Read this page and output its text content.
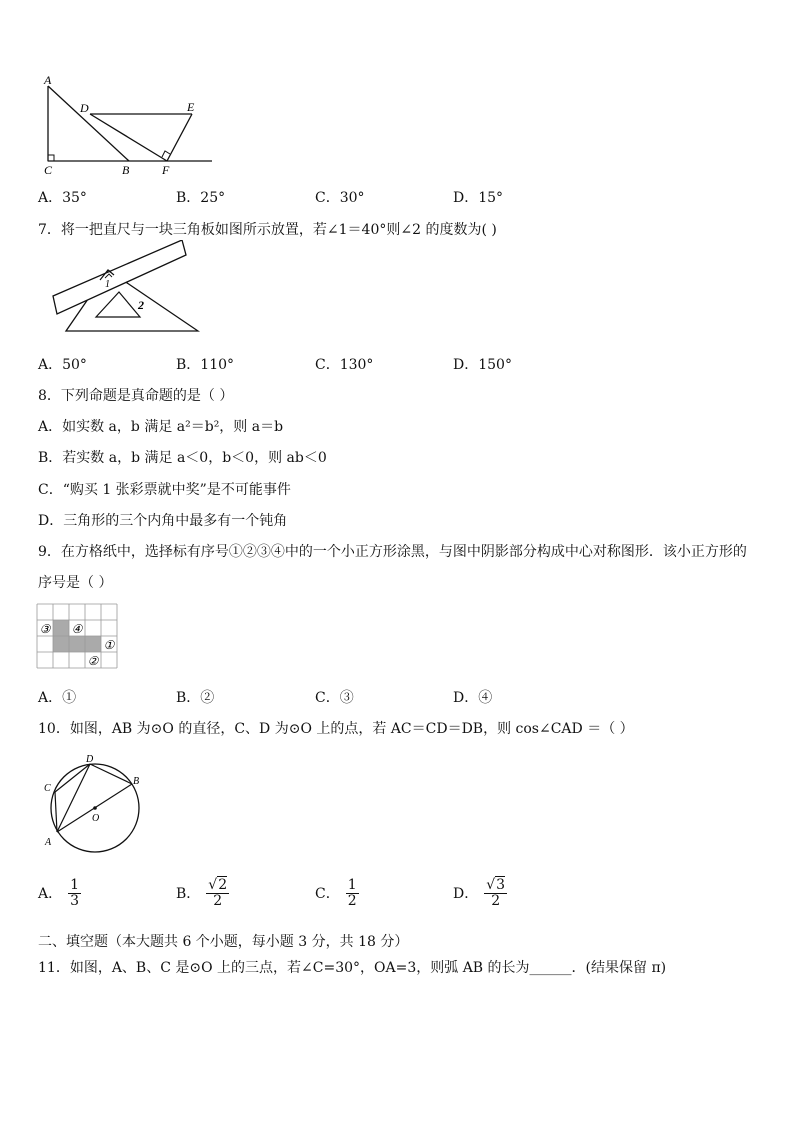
A
C	B
D	E
F
A．35°	B．25°	C．30°	D．15°
7．将一把直尺与一块三角板如图所示放置，若∠1＝40°则∠2 的度数为( )
1
2
A．50°	B．110°	C．130°	D．150°
8．下列命题是真命题的是（ ）
A．如实数 a，b 满足 a²＝b²，则 a＝b
B．若实数 a，b 满足 a＜0，b＜0，则 ab＜0
C．“购买 1 张彩票就中奖”是不可能事件
D．三角形的三个内角中最多有一个钝角
9．在方格纸中，选择标有序号①②③④中的一个小正方形涂黑，与图中阴影部分构成中心对称图形．该小正方形的
序号是（ ）
③ ④
①
②
A．①	B．②	C．③	D．④
10．如图，AB 为⊙O 的直径，C、D 为⊙O 上的点，若 AC＝CD＝DB，则 cos∠CAD ＝（ ）
A
B
C
D
O
A． $\frac{1}{3}$	B． $\frac{√2}{2}$	C． $\frac{1}{2}$	D． $\frac{√3}{2}$
二、填空题（本大题共 6 个小题，每小题 3 分，共 18 分）
11．如图，A、B、C 是⊙O 上的三点，若∠C=30°，OA=3，则弧 AB 的长为______．(结果保留 π)
